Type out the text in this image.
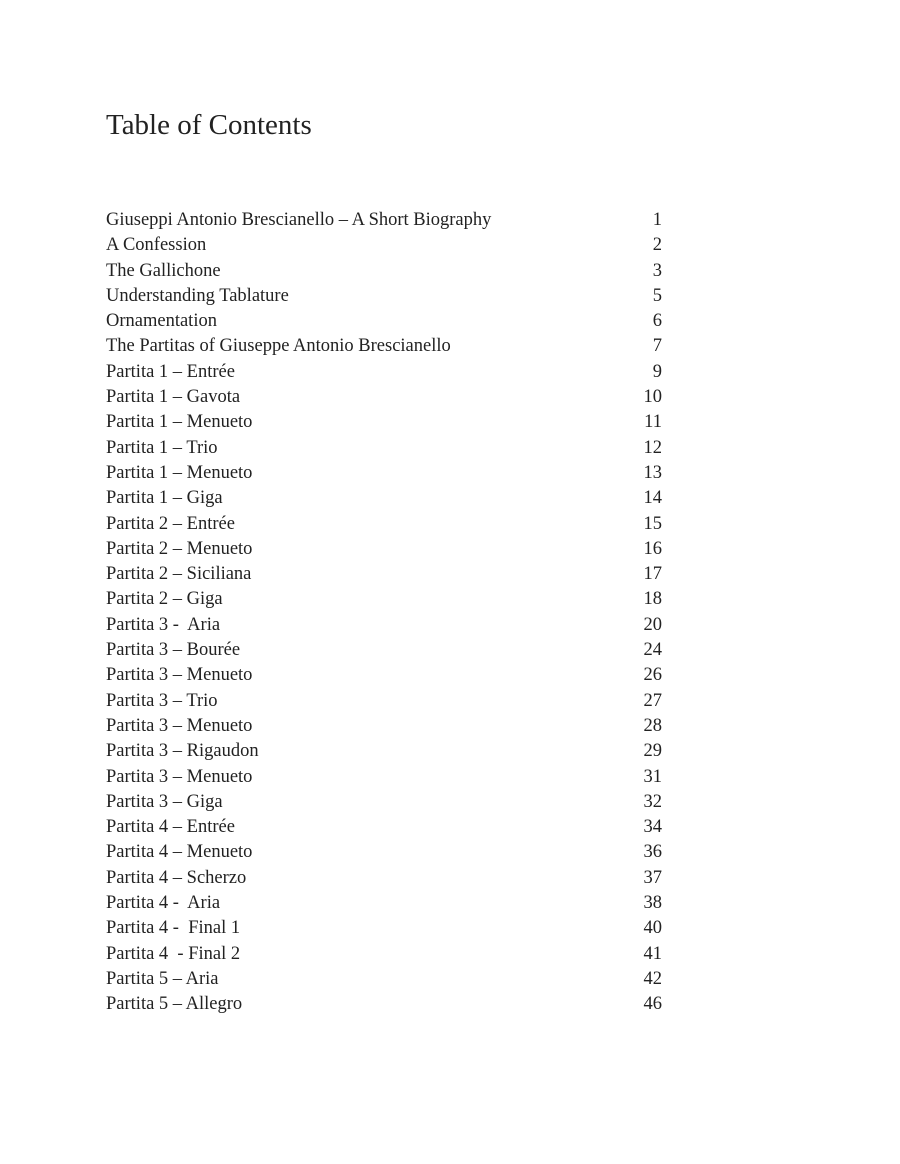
Table of Contents
Giuseppi Antonio Brescianello – A Short Biography	1
A Confession	2
The Gallichone	3
Understanding Tablature	5
Ornamentation	6
The Partitas of Giuseppe Antonio Brescianello	7
Partita 1 – Entrée	9
Partita 1 – Gavota	10
Partita 1 – Menueto	11
Partita 1 – Trio	12
Partita 1 – Menueto	13
Partita 1 – Giga	14
Partita 2 – Entrée	15
Partita 2 – Menueto	16
Partita 2 – Siciliana	17
Partita 2 – Giga	18
Partita 3 -  Aria	20
Partita 3 – Bourée	24
Partita 3 – Menueto	26
Partita 3 – Trio	27
Partita 3 – Menueto	28
Partita 3 – Rigaudon	29
Partita 3 – Menueto	31
Partita 3 – Giga	32
Partita 4 – Entrée	34
Partita 4 – Menueto	36
Partita 4 – Scherzo	37
Partita 4 -  Aria	38
Partita 4 -  Final 1	40
Partita 4  - Final 2	41
Partita 5 – Aria	42
Partita 5 – Allegro	46
